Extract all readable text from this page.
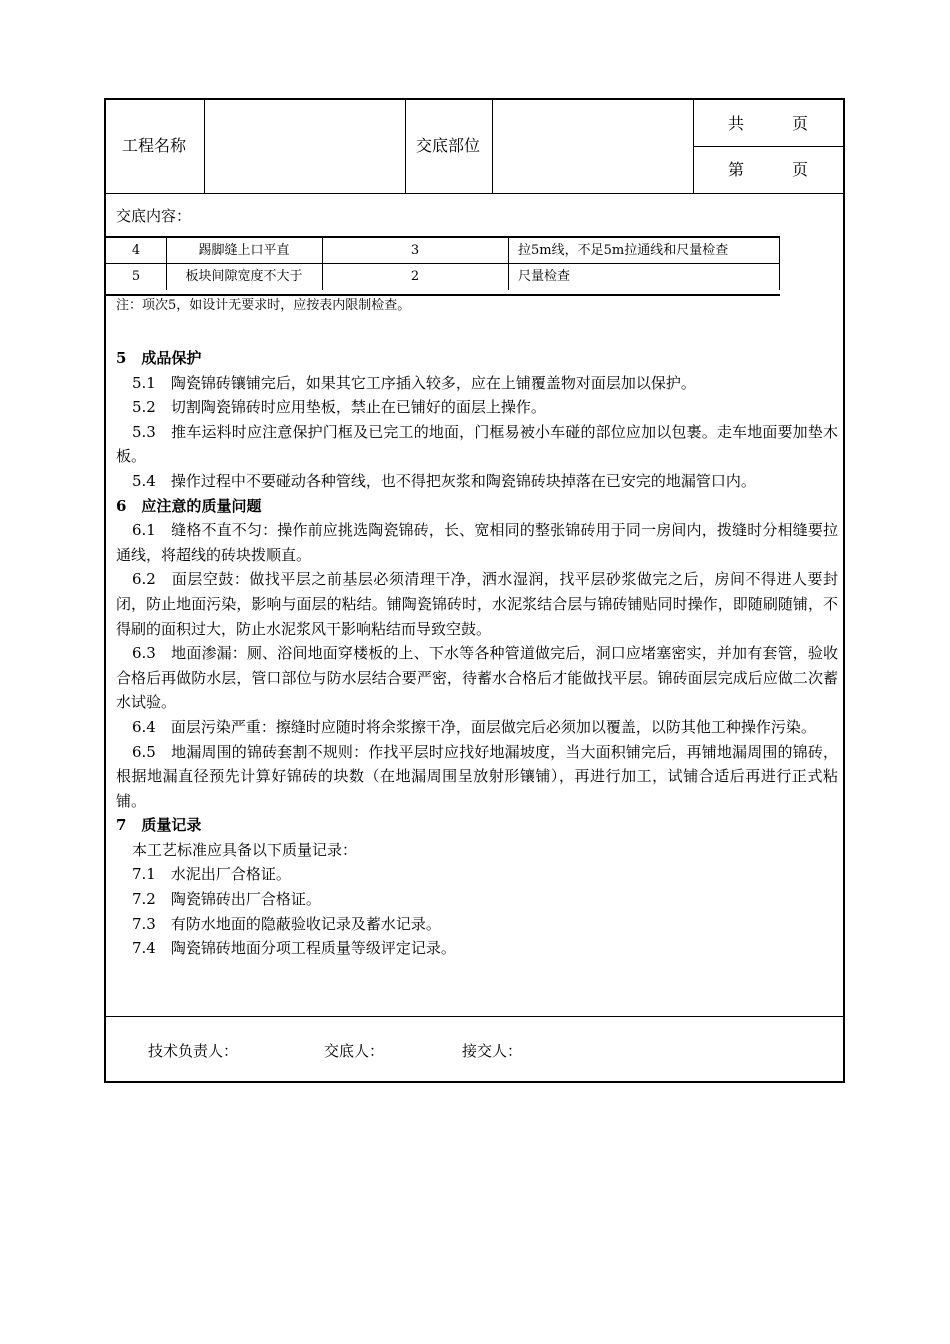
工程名称	交底部位
共　　　页
第　　　页
交底内容：
4	踢脚缝上口平直	3	拉5m线，不足5m拉通线和尺量检查
5	板块间隙宽度不大于	2	尺量检查
注：项次5，如设计无要求时，应按表内限制检查。

5　成品保护

5.1　陶瓷锦砖镶铺完后，如果其它工序插入较多，应在上铺覆盖物对面层加以保护。

5.2　切割陶瓷锦砖时应用垫板，禁止在已铺好的面层上操作。

5.3　推车运料时应注意保护门框及已完工的地面，门框易被小车碰的部位应加以包裹。走车地面要加垫木板。

5.4　操作过程中不要碰动各种管线，也不得把灰浆和陶瓷锦砖块掉落在已安完的地漏管口内。

6　应注意的质量问题

6.1　缝格不直不匀：操作前应挑选陶瓷锦砖，长、宽相同的整张锦砖用于同一房间内，拨缝时分相缝要拉通线，将超线的砖块拨顺直。

6.2　面层空鼓：做找平层之前基层必须清理干净，洒水湿润，找平层砂浆做完之后，房间不得进人要封闭，防止地面污染，影响与面层的粘结。铺陶瓷锦砖时，水泥浆结合层与锦砖铺贴同时操作，即随刷随铺，不得刷的面积过大，防止水泥浆风干影响粘结而导致空鼓。

6.3　地面渗漏：厕、浴间地面穿楼板的上、下水等各种管道做完后，洞口应堵塞密实，并加有套管，验收合格后再做防水层，管口部位与防水层结合要严密，待蓄水合格后才能做找平层。锦砖面层完成后应做二次蓄水试验。

6.4　面层污染严重：擦缝时应随时将余浆擦干净，面层做完后必须加以覆盖，以防其他工种操作污染。

6.5　地漏周围的锦砖套割不规则：作找平层时应找好地漏坡度，当大面积铺完后，再铺地漏周围的锦砖，根据地漏直径预先计算好锦砖的块数（在地漏周围呈放射形镶铺），再进行加工，试铺合适后再进行正式粘铺。

7　质量记录

本工艺标准应具备以下质量记录：

7.1　水泥出厂合格证。

7.2　陶瓷锦砖出厂合格证。

7.3　有防水地面的隐蔽验收记录及蓄水记录。

7.4　陶瓷锦砖地面分项工程质量等级评定记录。

技术负责人：	交底人：	接交人：
